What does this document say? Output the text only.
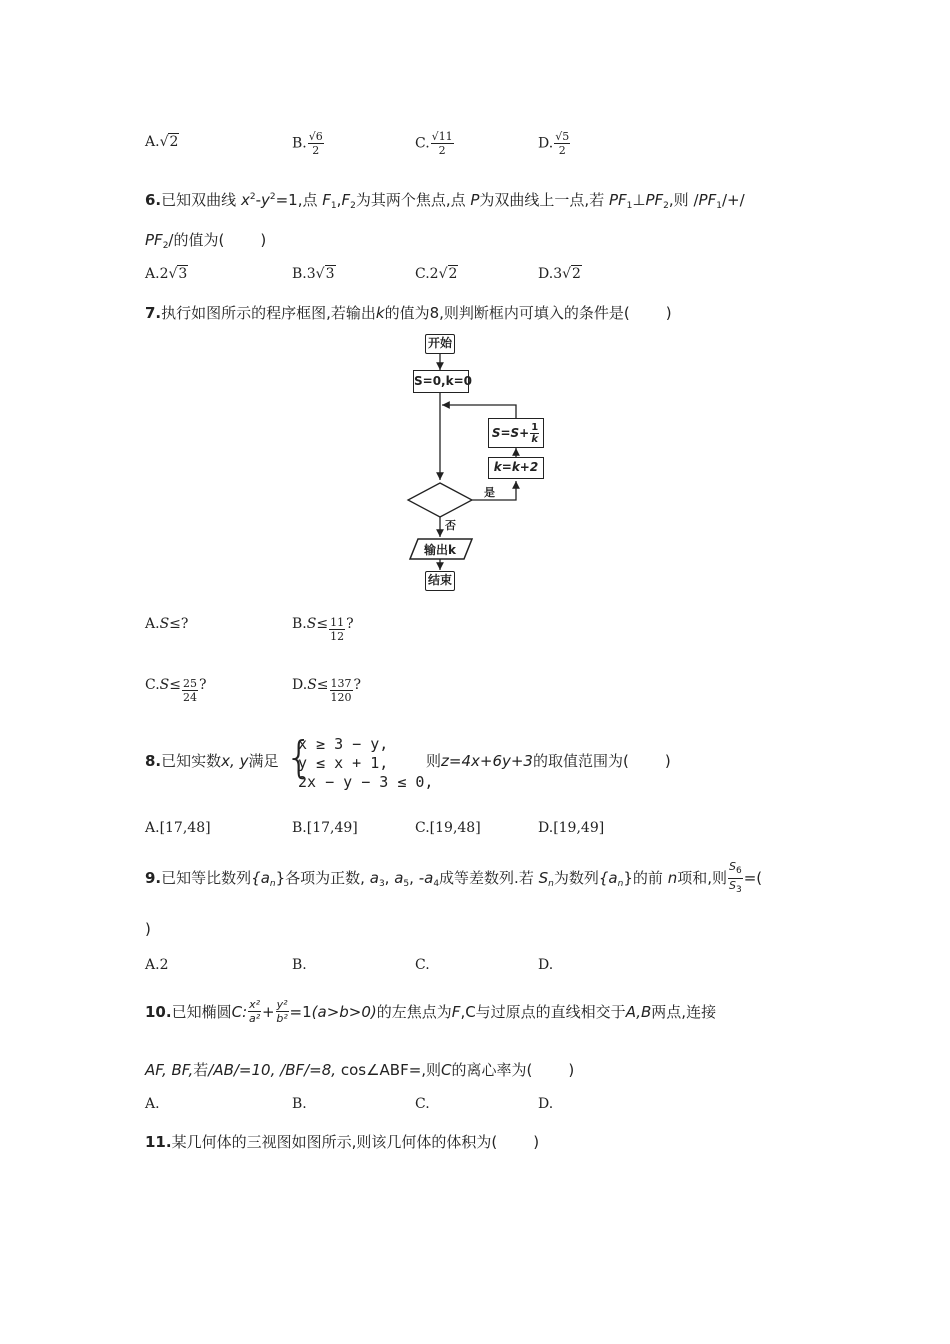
A.√2	B. $\frac{√6}{2}$	C. $\frac{√11}{2}$	D. $\frac{√5}{2}$
6.已知双曲线 $x^2-y^2=1$,点 $F_1,F_2$为其两个焦点,点 P为双曲线上一点,若 $PF_1\perp PF_2$,则 $/PF_1/+/$
$PF_2/$的值为( )
A.2√3	B.3√3	C.2√2	D.3√2
7.执行如图所示的程序框图,若输出k的值为8,则判断框内可填入的条件是( )
开始
S=0,k=0
$S=S+ \frac{1}{k}$
k=k+2
是
否
输出k
结束
A.S≤?	$B.S\le \frac{11}{12}$ ?
$C.S\le \frac{25}{24}$ ?	$D.S\le \frac{137}{120}$ ?
8.已知实数x, y满足 {
x ≥ 3 − y,
y ≤ x + 1,
2x − y − 3 ≤ 0,
则z=4x+6y+3的取值范围为( )
A.[17,48]	B.[17,49]	C.[19,48]	D.[19,49]
9.已知等比数列$\{a_n\}$各项为正数, $a_3$, $a_5$, $-a_4$成等差数列.若 $S_n$为数列$\{a_n\}$的前 n项和,则 $\frac{S_6}{S_3}$ =(
)
A.2	B.	C.	D.
10. 已知椭圆 C: $\frac{\text{x²}}{\text{a²}} + \frac{\text{y²}}{\text{b²}} =1$ (a>b>0) 的左焦点为 F ,C与过原点的直线相交于 A,B 两点,连接
AF, BF,若/AB/=10, /BF/=8, cos∠ABF=,则C的离心率为( )
A.	B.	C.	D.
11.某几何体的三视图如图所示,则该几何体的体积为( )
